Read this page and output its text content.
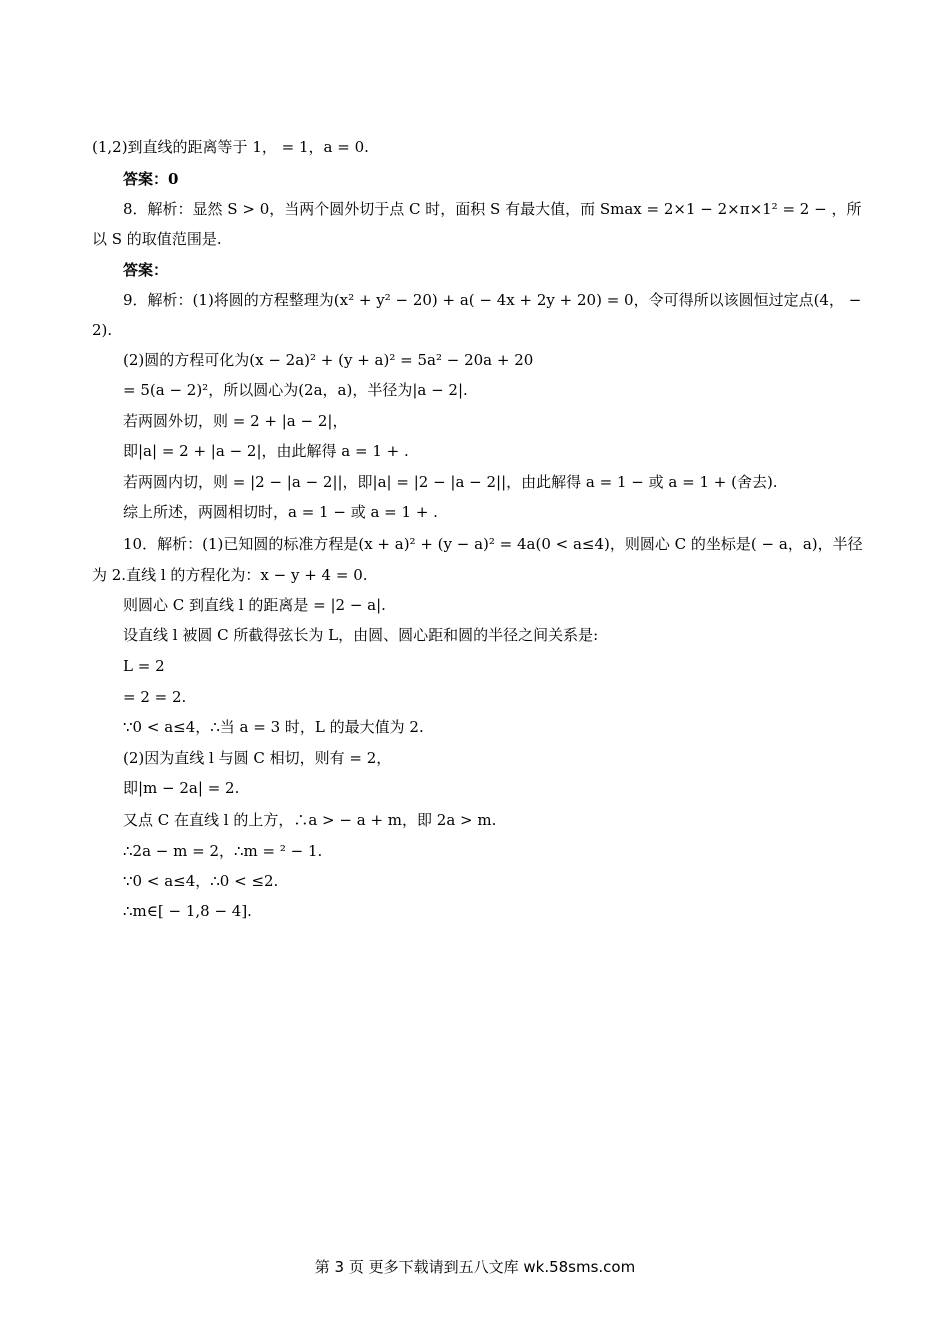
(1,2)到直线的距离等于 1， = 1，a = 0.
答案：0
8．解析：显然 S > 0，当两个圆外切于点 C 时，面积 S 有最大值，而 Smax = 2×1 − 2×π×1² = 2 − ，所
以 S 的取值范围是.
答案：
9．解析：(1)将圆的方程整理为(x² + y² − 20) + a( − 4x + 2y + 20) = 0，令可得所以该圆恒过定点(4， −
2).
(2)圆的方程可化为(x − 2a)² + (y + a)² = 5a² − 20a + 20
= 5(a − 2)²，所以圆心为(2a，a)，半径为|a − 2|.
若两圆外切，则 = 2 + |a − 2|，
即|a| = 2 + |a − 2|，由此解得 a = 1 + .
若两圆内切，则 = |2 − |a − 2||，即|a| = |2 − |a − 2||，由此解得 a = 1 − 或 a = 1 + (舍去).
综上所述，两圆相切时，a = 1 − 或 a = 1 + .
10．解析：(1)已知圆的标准方程是(x + a)² + (y − a)² = 4a(0 < a≤4)，则圆心 C 的坐标是( − a，a)，半径
为 2.直线 l 的方程化为：x − y + 4 = 0.
则圆心 C 到直线 l 的距离是 = |2 − a|.
设直线 l 被圆 C 所截得弦长为 L，由圆、圆心距和圆的半径之间关系是:
L = 2
= 2 = 2.
∵0 < a≤4，∴当 a = 3 时，L 的最大值为 2.
(2)因为直线 l 与圆 C 相切，则有 = 2，
即|m − 2a| = 2.
又点 C 在直线 l 的上方，∴a > − a + m，即 2a > m.
∴2a − m = 2，∴m = ² − 1.
∵0 < a≤4，∴0 < ≤2.
∴m∈[ − 1,8 − 4].
第 3 页 更多下载请到五八文库 wk.58sms.com
